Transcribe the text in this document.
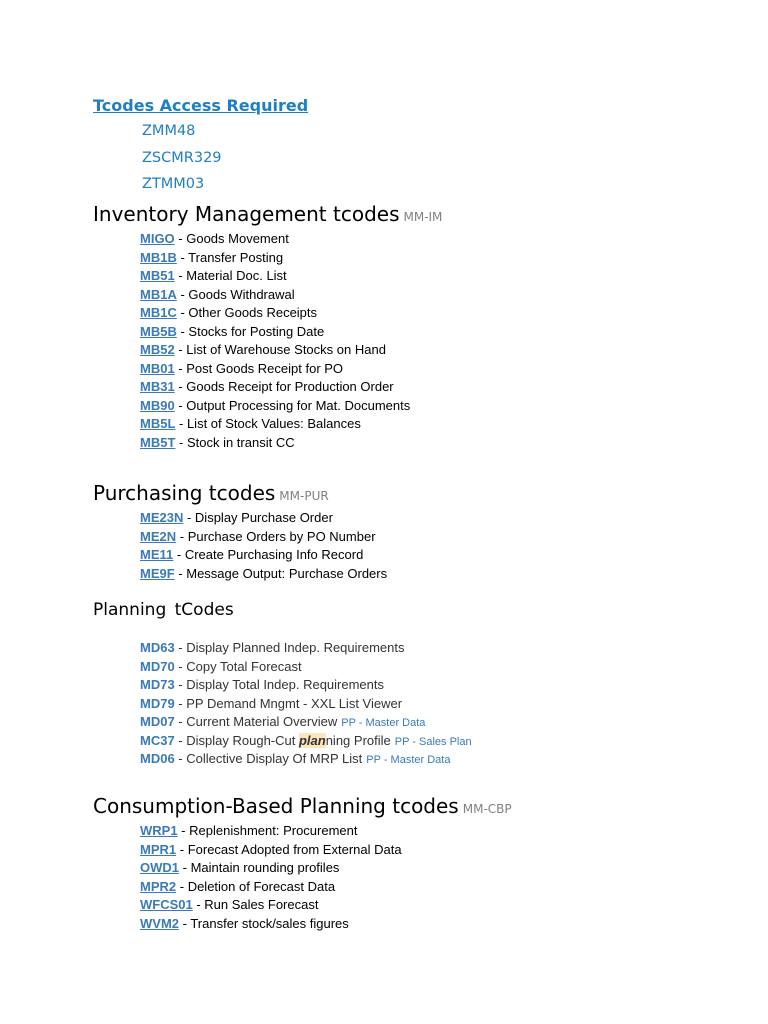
Tcodes Access Required
ZMM48
ZSCMR329
ZTMM03
Inventory Management tcodes MM-IM
MIGO - Goods Movement
MB1B - Transfer Posting
MB51 - Material Doc. List
MB1A - Goods Withdrawal
MB1C - Other Goods Receipts
MB5B - Stocks for Posting Date
MB52 - List of Warehouse Stocks on Hand
MB01 - Post Goods Receipt for PO
MB31 - Goods Receipt for Production Order
MB90 - Output Processing for Mat. Documents
MB5L - List of Stock Values: Balances
MB5T - Stock in transit CC
Purchasing tcodes MM-PUR
ME23N - Display Purchase Order
ME2N - Purchase Orders by PO Number
ME11 - Create Purchasing Info Record
ME9F - Message Output: Purchase Orders
Planning tCodes
MD63 - Display Planned Indep. Requirements
MD70 - Copy Total Forecast
MD73 - Display Total Indep. Requirements
MD79 - PP Demand Mngmt - XXL List Viewer
MD07 - Current Material Overview PP - Master Data
MC37 - Display Rough-Cut planning Profile PP - Sales Plan
MD06 - Collective Display Of MRP List PP - Master Data
Consumption-Based Planning tcodes MM-CBP
WRP1 - Replenishment: Procurement
MPR1 - Forecast Adopted from External Data
OWD1 - Maintain rounding profiles
MPR2 - Deletion of Forecast Data
WFCS01 - Run Sales Forecast
WVM2 - Transfer stock/sales figures
